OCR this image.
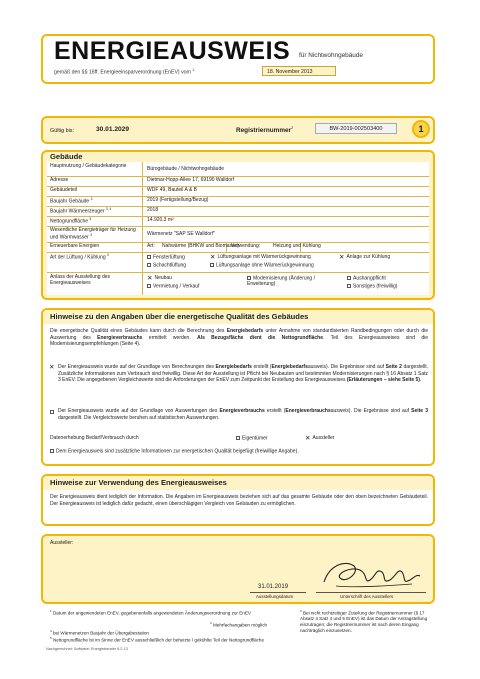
ENERGIEAUSWEIS für Nichtwohngebäude
gemäß den §§ 16ff. Energieeinsparverordnung (EnEV) vom $^1$	18. November 2013
Gültig bis:	30.01.2029	Registriernummer$^2$	BW-2019-002503400	1
Gebäude
Hauptnutzung / Gebäudekategorie	Bürogebäude / Nichtwohngebäude
Adresse	Dietmar-Hopp-Allee 17, 69190 Walldorf
Gebäudeteil	WDF 49, Bauteil A & B
Baujahr Gebäude $^3$	2019 (Fertigstellung/Bezug)
Baujahr Wärmeerzeuger $^{3, 4}$	2018
Nettogrundfläche $^5$	14.920,3 m²
Wesentliche Energieträger für Heizung und Warmwasser $^3$	Wärmenetz "SAP SE Walldorf"
Erneuerbare Energien	Art: Nahwärme (BHKW und Biomasse)
Verwendung:	Heizung und Kühlung
Art der Lüftung / Kühlung $^3$	Fensterlüftung	✕ Lüftungsanlage mit Wärmerückgewinnung	✕ Anlage zur Kühlung
Schachtlüftung	Lüftungsanlage ohne Wärmerückgewinnung
Anlass der Ausstellung des Energieausweises
✕ Neubau	Modernisierung (Änderung / Erweiterung)
Aushangpflicht
Vermietung / Verkauf	Sonstiges (freiwillig)
Hinweise zu den Angaben über die energetische Qualität des Gebäudes
Die energetische Qualität eines Gebäudes kann durch die Berechnung des Energiebedarfs unter Annahme von standardisierten Randbedingungen oder durch die Auswertung des Energieverbrauchs ermittelt werden. Als Bezugsfläche dient die Nettogrundfläche. Teil des Energieausweises sind die Modernisierungsempfehlungen (Seite 4).
✕ Der Energieausweis wurde auf der Grundlage von Berechnungen des Energiebedarfs erstellt (Energiebedarfsausweis). Die Ergebnisse sind auf Seite 2 dargestellt. Zusätzliche Informationen zum Verbrauch sind freiwillig. Diese Art der Ausstellung ist Pflicht bei Neubauten und bestimmten Modernisierungen nach § 16 Absatz 1 Satz 3 EnEV. Die angegebenen Vergleichswerte sind die Anforderungen der EnEV zum Zeitpunkt der Erstellung des Energieausweises (Erläuterungen – siehe Seite 5).
Der Energieausweis wurde auf der Grundlage von Auswertungen des Energieverbrauchs erstellt (Energieverbrauchsausweis). Die Ergebnisse sind auf Seite 3 dargestellt. Die Vergleichswerte beruhen auf statistischen Auswertungen.
Datenerhebung Bedarf/Verbrauch durch	Eigentümer	✕ Aussteller
Dem Energieausweis sind zusätzliche Informationen zur energetischen Qualität beigefügt (freiwillige Angabe).
Hinweise zur Verwendung des Energieausweises
Der Energieausweis dient lediglich der Information. Die Angaben im Energieausweis beziehen sich auf das gesamte Gebäude oder den oben bezeichneten Gebäudeteil. Der Energieausweis ist lediglich dafür gedacht, einen überschlägigen Vergleich von Gebäuden zu ermöglichen.
Aussteller:
31.01.2019
Ausstellungsdatum	Unterschrift des Ausstellers
$^1$ Datum der angewendeten EnEV, gegebenenfalls angewendeten Änderungsverordnung zur EnEV	$^2$ Bei nicht rechtzeitiger Zuteilung der Registriernummer (§ 17 Absatz 4 Satz 4 und 5 EnEV) ist das Datum der Antragstellung einzutragen; die Registriernummer ist nach deren Eingang nachträglich einzusetzen.
$^3$ Mehrfachangaben möglich
$^4$ bei Wärmenetzen Baujahr der Übergabestation
$^5$ Nettogrundfläche ist im Sinne der EnEV ausschließlich der beheizte / gekühlte Teil der Nettogrundfläche
Nachgerechnet: Software: Energieberater 8.2.13
